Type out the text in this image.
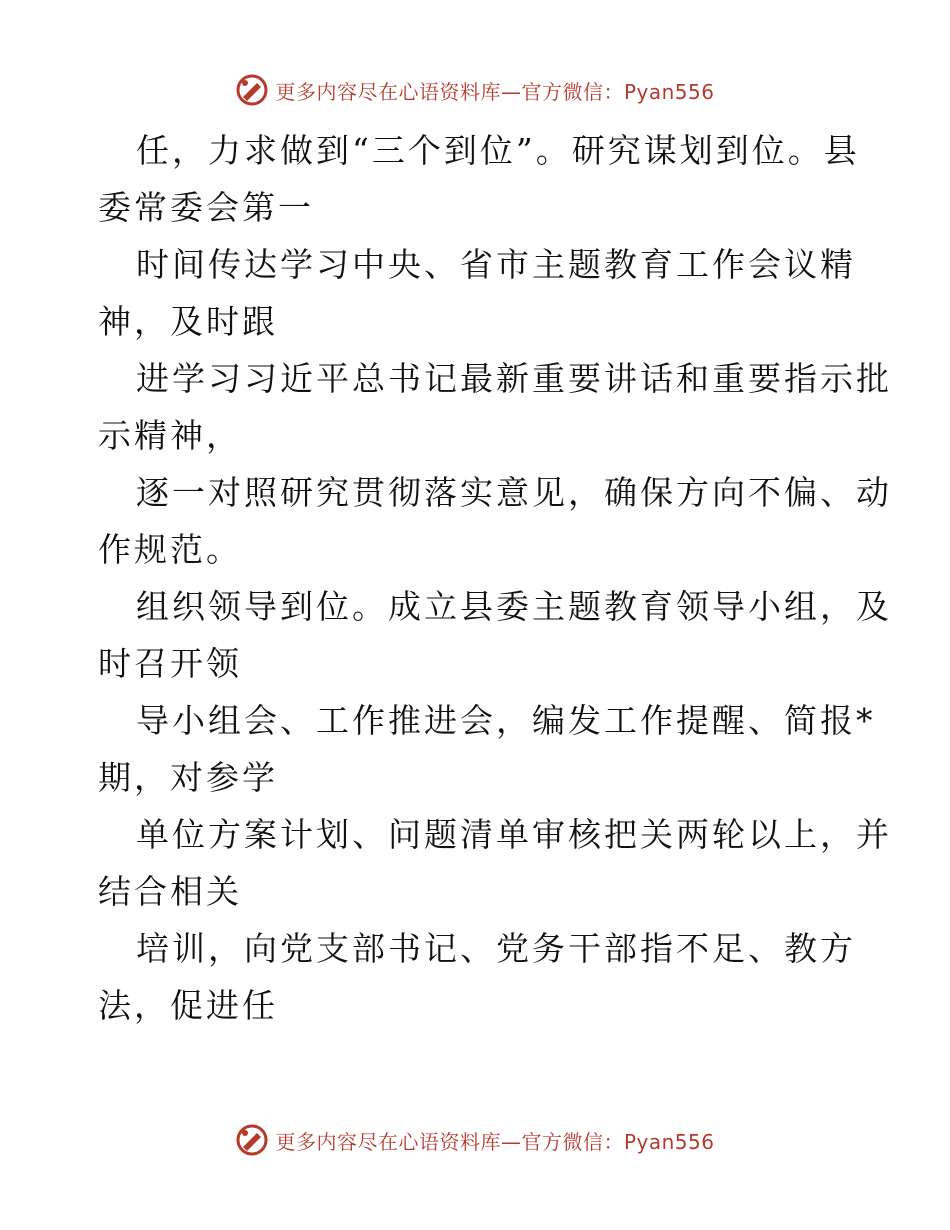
更多内容尽在心语资料库—官方微信：Pyan556
任，力求做到“三个到位”。研究谋划到位。县
委常委会第一
时间传达学习中央、省市主题教育工作会议精
神，及时跟
进学习习近平总书记最新重要讲话和重要指示批
示精神，
逐一对照研究贯彻落实意见，确保方向不偏、动
作规范。
组织领导到位。成立县委主题教育领导小组，及
时召开领
导小组会、工作推进会，编发工作提醒、简报*
期，对参学
单位方案计划、问题清单审核把关两轮以上，并
结合相关
培训，向党支部书记、党务干部指不足、教方
法，促进任
更多内容尽在心语资料库—官方微信：Pyan556
